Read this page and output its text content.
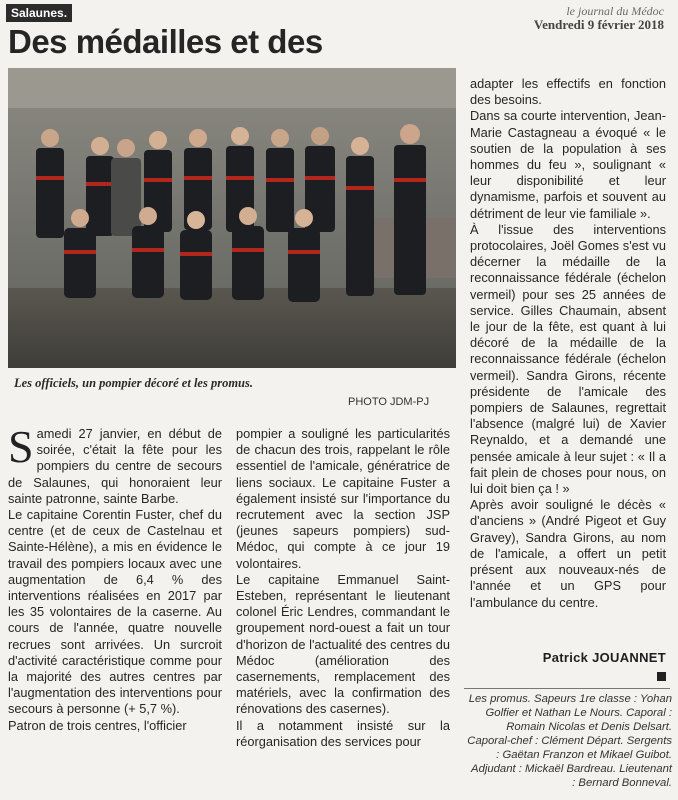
Salaunes.	le journal du Médoc
Vendredi 9 février 2018
Des médailles et des
Les officiels, un pompier décoré et les promus.
PHOTO JDM-PJ

Samedi 27 janvier, en début de soirée, c'était la fête pour les pompiers du centre de secours de Salaunes, qui honoraient leur sainte patronne, sainte Barbe.

Le capitaine Corentin Fuster, chef du centre (et de ceux de Castelnau et Sainte-Hélène), a mis en évidence le travail des pompiers locaux avec une augmentation de 6,4 % des interventions réalisées en 2017 par les 35 volontaires de la caserne. Au cours de l'année, quatre nouvelle recrues sont arrivées. Un surcroit d'activité caractéristique comme pour la majorité des autres centres par l'augmentation des interventions pour secours à personne (+ 5,7 %).

Patron de trois centres, l'officier

pompier a souligné les particularités de chacun des trois, rappelant le rôle essentiel de l'amicale, génératrice de liens sociaux. Le capitaine Fuster a également insisté sur l'importance du recrutement avec la section JSP (jeunes sapeurs pompiers) sud-Médoc, qui compte à ce jour 19 volontaires.

Le capitaine Emmanuel Saint-Esteben, représentant le lieutenant colonel Éric Lendres, commandant le groupement nord-ouest a fait un tour d'horizon de l'actualité des centres du Médoc (amélioration des casernements, remplacement des matériels, avec la confirmation des rénovations des casernes).

Il a notamment insisté sur la réorganisation des services pour

adapter les effectifs en fonction des besoins.

Dans sa courte intervention, Jean-Marie Castagneau a évoqué « le soutien de la population à ses hommes du feu », soulignant « leur disponibilité et leur dynamisme, parfois et souvent au détriment de leur vie familiale ».

À l'issue des interventions protocolaires, Joël Gomes s'est vu décerner la médaille de la reconnaissance fédérale (échelon vermeil) pour ses 25 années de service. Gilles Chaumain, absent le jour de la fête, est quant à lui décoré de la médaille de la reconnaissance fédérale (échelon vermeil). Sandra Girons, récente présidente de l'amicale des pompiers de Salaunes, regrettait l'absence (malgré lui) de Xavier Reynaldo, et a demandé une pensée amicale à leur sujet : « Il a fait plein de choses pour nous, on lui doit bien ça ! »

Après avoir souligné le décès « d'anciens » (André Pigeot et Guy Gravey), Sandra Girons, au nom de l'amicale, a offert un petit présent aux nouveaux-nés de l'année et un GPS pour l'ambulance du centre.

Patrick JOUANNET
Les promus. Sapeurs 1re classe : Yohan Golfier et Nathan Le Nours. Caporal : Romain Nicolas et Denis Delsart. Caporal-chef : Clément Départ. Sergents : Gaëtan Franzon et Mikael Guibot. Adjudant : Mickaël Bardreau. Lieutenant : Bernard Bonneval.
